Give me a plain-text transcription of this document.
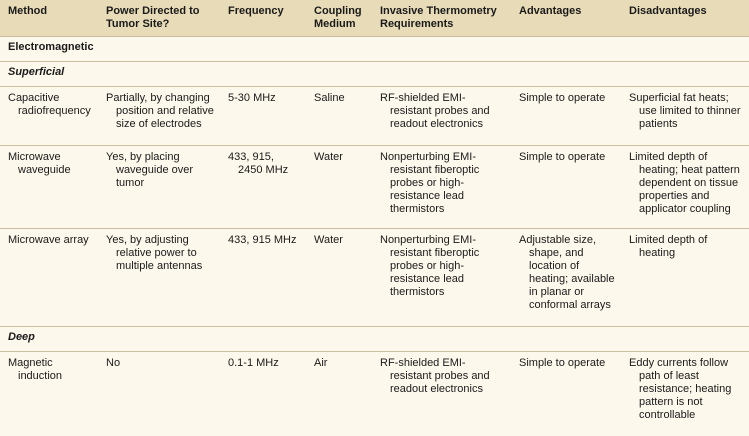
Method	Power Directed to Tumor Site?	Frequency	Coupling Medium	Invasive Thermometry Requirements	Advantages	Disadvantages
Electromagnetic						
Superficial						

Capacitive radiofrequency	Partially, by changing position and relative size of electrodes	5-30 MHz	Saline	RF-shielded EMI-resistant probes and readout electronics	Simple to operate	Superficial fat heats; use limited to thinner patients

Microwave waveguide	Yes, by placing waveguide over tumor	433, 915, 2450 MHz	Water	Nonperturbing EMI-resistant fiberoptic probes or high-resistance lead thermistors	Simple to operate	Limited depth of heating; heat pattern dependent on tissue properties and applicator coupling

Microwave array	Yes, by adjusting relative power to multiple antennas	433, 915 MHz	Water	Nonperturbing EMI-resistant fiberoptic probes or high-resistance lead thermistors	Adjustable size, shape, and location of heating; available in planar or conformal arrays	Limited depth of heating

Deep						

Magnetic induction	No	0.1-1 MHz	Air	RF-shielded EMI-resistant probes and readout electronics	Simple to operate	Eddy currents follow path of least resistance; heating pattern is not controllable
